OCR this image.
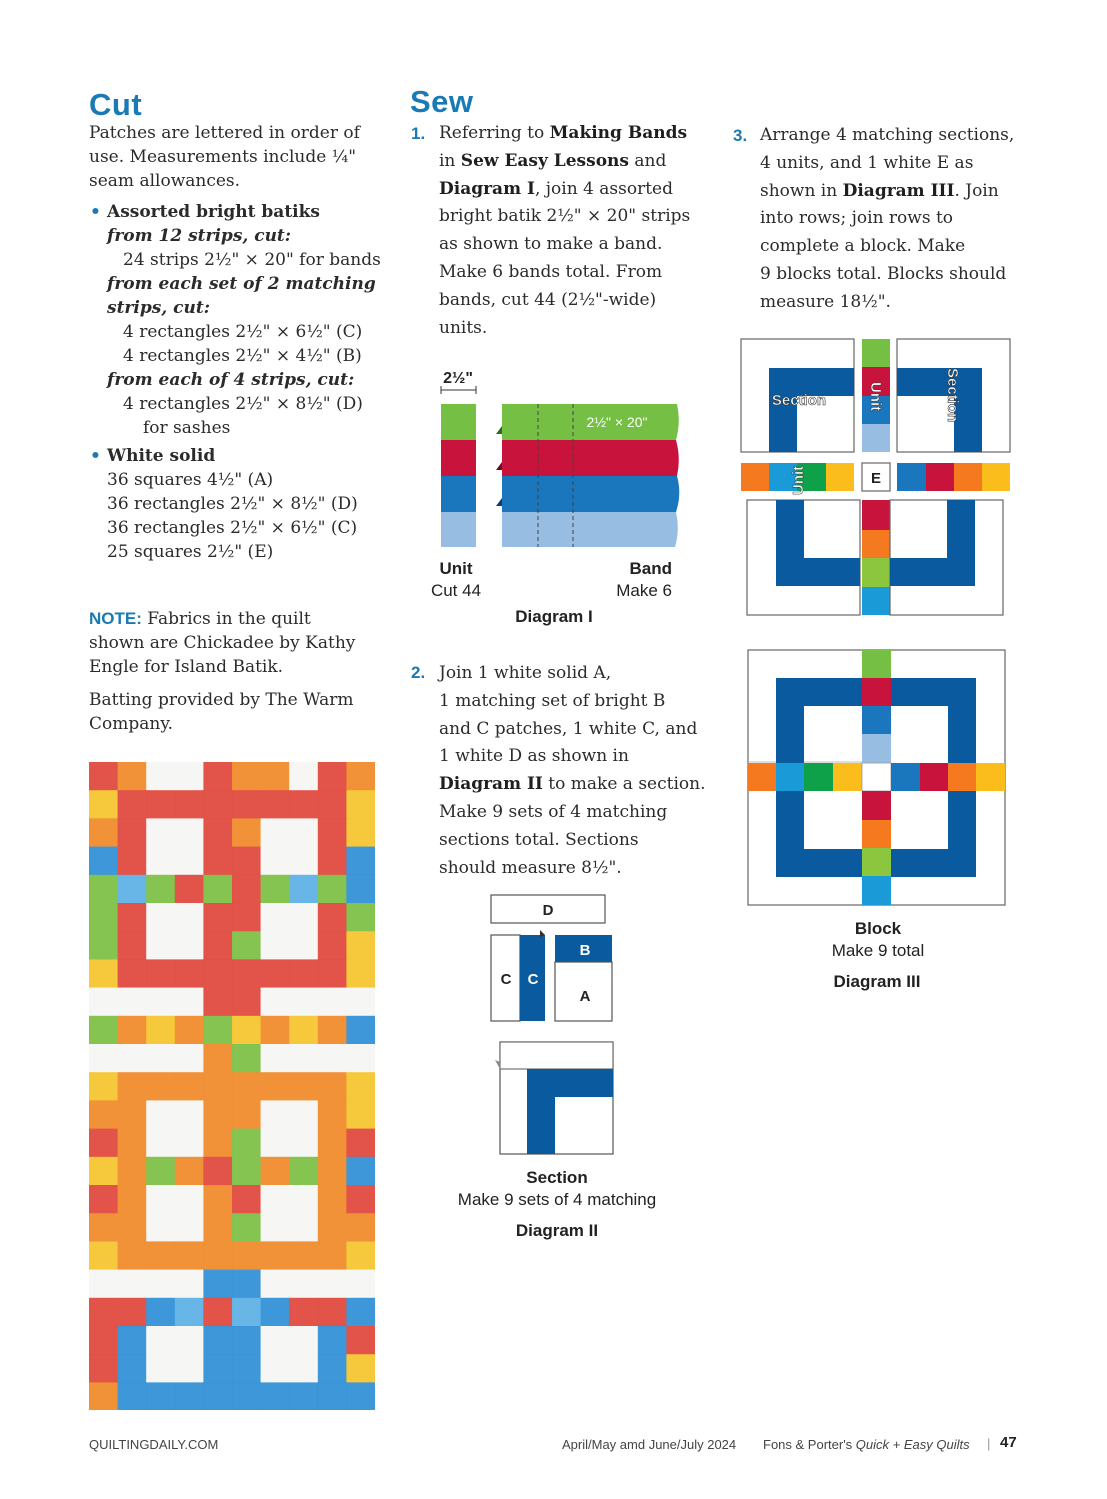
Cut
Patches are lettered in order of
use. Measurements include ¼"
seam allowances.
• Assorted bright batiks
from 12 strips, cut:
24 strips 2½" × 20" for bands
from each set of 2 matching
strips, cut:
4 rectangles 2½" × 6½" (C)
4 rectangles 2½" × 4½" (B)
from each of 4 strips, cut:
4 rectangles 2½" × 8½" (D)
for sashes
• White solid
36 squares 4½" (A)
36 rectangles 2½" × 8½" (D)
36 rectangles 2½" × 6½" (C)
25 squares 2½" (E)
NOTE: Fabrics in the quilt
shown are Chickadee by Kathy
Engle for Island Batik.
Batting provided by The Warm
Company.
Sew
1. Referring to Making Bands
in Sew Easy Lessons and
Diagram I, join 4 assorted
bright batik 2½" × 20" strips
as shown to make a band.
Make 6 bands total. From
bands, cut 44 (2½"-wide)
units.
2½"
2½" × 20"
Unit
Cut 44
Band
Make 6
Diagram I
2. Join 1 white solid A,
1 matching set of bright B
and C patches, 1 white C, and
1 white D as shown in
Diagram II to make a section.
Make 9 sets of 4 matching
sections total. Sections
should measure 8½".
D
C C
B
A
Section
Make 9 sets of 4 matching
Diagram II
3. Arrange 4 matching sections,
4 units, and 1 white E as
shown in Diagram III. Join
into rows; join rows to
complete a block. Make
9 blocks total. Blocks should
measure 18½".
Section	Unit	Section
Unit	E
Block
Make 9 total
Diagram III
QUILTINGDAILY.COM	April/May amd June/July 2024 Fons & Porter's Quick + Easy Quilts | 47
